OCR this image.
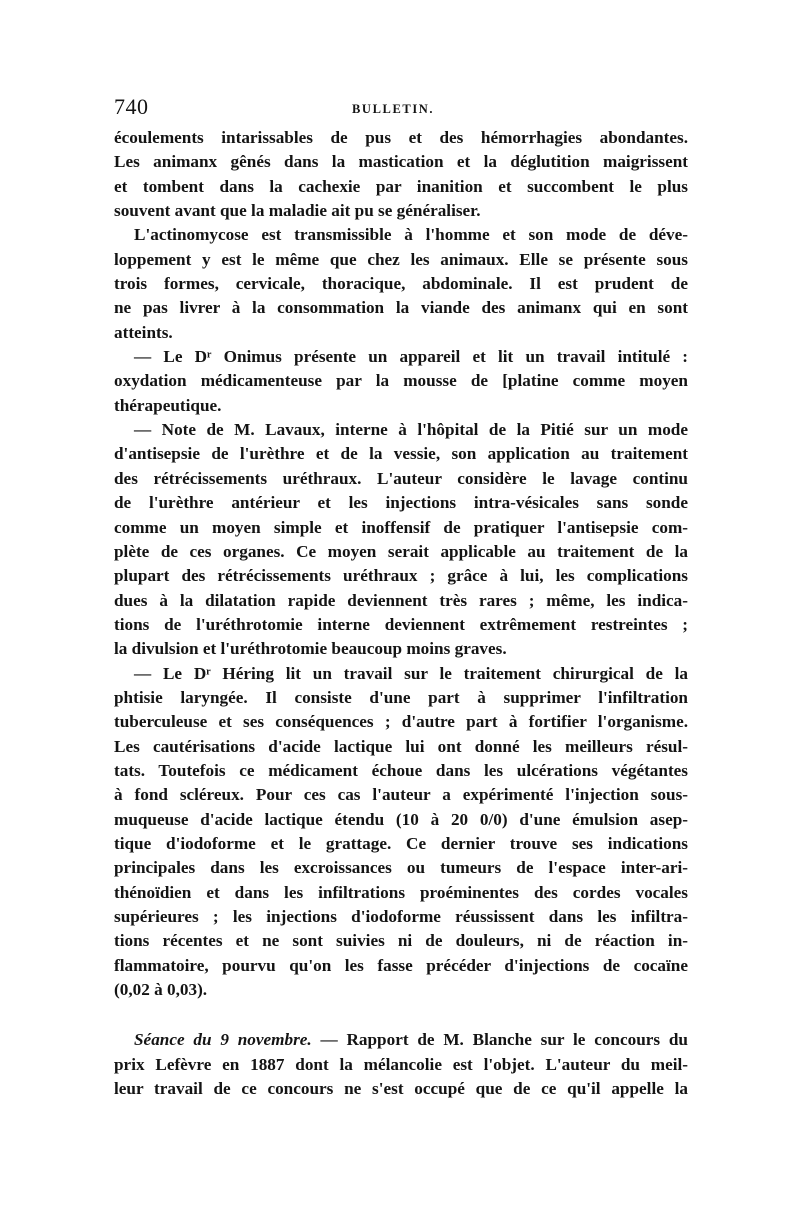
740	BULLETIN.
écoulements intarissables de pus et des hémorrhagies abondantes.
Les animanx gênés dans la mastication et la déglutition maigrissent
et tombent dans la cachexie par inanition et succombent le plus
souvent avant que la maladie ait pu se généraliser.
L'actinomycose est transmissible à l'homme et son mode de déve-
loppement y est le même que chez les animaux. Elle se présente sous
trois formes, cervicale, thoracique, abdominale. Il est prudent de
ne pas livrer à la consommation la viande des animanx qui en sont
atteints.
— Le Dʳ Onimus présente un appareil et lit un travail intitulé :
oxydation médicamenteuse par la mousse de [platine comme moyen
thérapeutique.
— Note de M. Lavaux, interne à l'hôpital de la Pitié sur un mode
d'antisepsie de l'urèthre et de la vessie, son application au traitement
des rétrécissements uréthraux. L'auteur considère le lavage continu
de l'urèthre antérieur et les injections intra-vésicales sans sonde
comme un moyen simple et inoffensif de pratiquer l'antisepsie com-
plète de ces organes. Ce moyen serait applicable au traitement de la
plupart des rétrécissements uréthraux ; grâce à lui, les complications
dues à la dilatation rapide deviennent très rares ; même, les indica-
tions de l'uréthrotomie interne deviennent extrêmement restreintes ;
la divulsion et l'uréthrotomie beaucoup moins graves.
— Le Dʳ Héring lit un travail sur le traitement chirurgical de la
phtisie laryngée. Il consiste d'une part à supprimer l'infiltration
tuberculeuse et ses conséquences ; d'autre part à fortifier l'organisme.
Les cautérisations d'acide lactique lui ont donné les meilleurs résul-
tats. Toutefois ce médicament échoue dans les ulcérations végétantes
à fond scléreux. Pour ces cas l'auteur a expérimenté l'injection sous-
muqueuse d'acide lactique étendu (10 à 20 0/0) d'une émulsion asep-
tique d'iodoforme et le grattage. Ce dernier trouve ses indications
principales dans les excroissances ou tumeurs de l'espace inter-ari-
thénoïdien et dans les infiltrations proéminentes des cordes vocales
supérieures ; les injections d'iodoforme réussissent dans les infiltra-
tions récentes et ne sont suivies ni de douleurs, ni de réaction in-
flammatoire, pourvu qu'on les fasse précéder d'injections de cocaïne
(0,02 à 0,03).
Séance du 9 novembre. — Rapport de M. Blanche sur le concours du
prix Lefèvre en 1887 dont la mélancolie est l'objet. L'auteur du meil-
leur travail de ce concours ne s'est occupé que de ce qu'il appelle la
